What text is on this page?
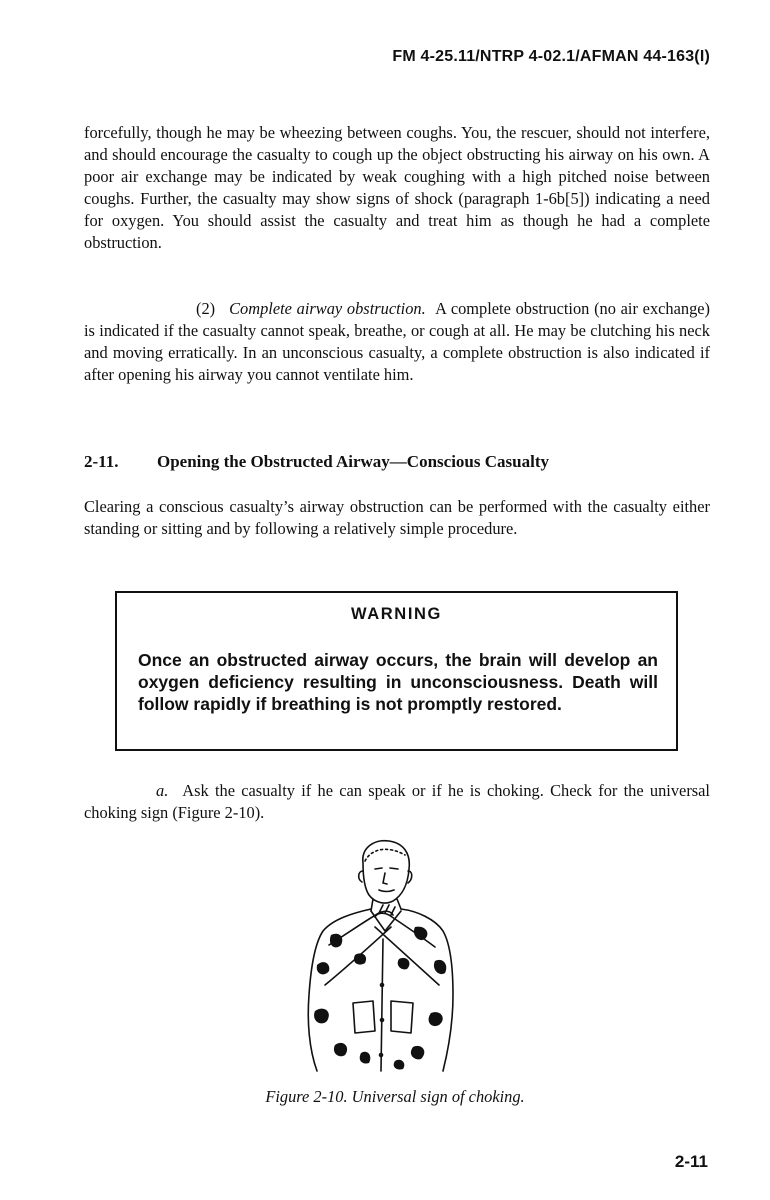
FM 4-25.11/NTRP 4-02.1/AFMAN 44-163(I)
forcefully, though he may be wheezing between coughs. You, the rescuer, should not interfere, and should encourage the casualty to cough up the object obstructing his airway on his own. A poor air exchange may be indicated by weak coughing with a high pitched noise between coughs. Further, the casualty may show signs of shock (paragraph 1-6b[5]) indicating a need for oxygen. You should assist the casualty and treat him as though he had a complete obstruction.
(2) Complete airway obstruction. A complete obstruction (no air exchange) is indicated if the casualty cannot speak, breathe, or cough at all. He may be clutching his neck and moving erratically. In an unconscious casualty, a complete obstruction is also indicated if after opening his airway you cannot ventilate him.
2-11. Opening the Obstructed Airway—Conscious Casualty
Clearing a conscious casualty’s airway obstruction can be performed with the casualty either standing or sitting and by following a relatively simple procedure.
WARNING
Once an obstructed airway occurs, the brain will develop an oxygen deficiency resulting in unconsciousness. Death will follow rapidly if breathing is not promptly restored.
a. Ask the casualty if he can speak or if he is choking. Check for the universal choking sign (Figure 2-10).
Figure 2-10. Universal sign of choking.
2-11
